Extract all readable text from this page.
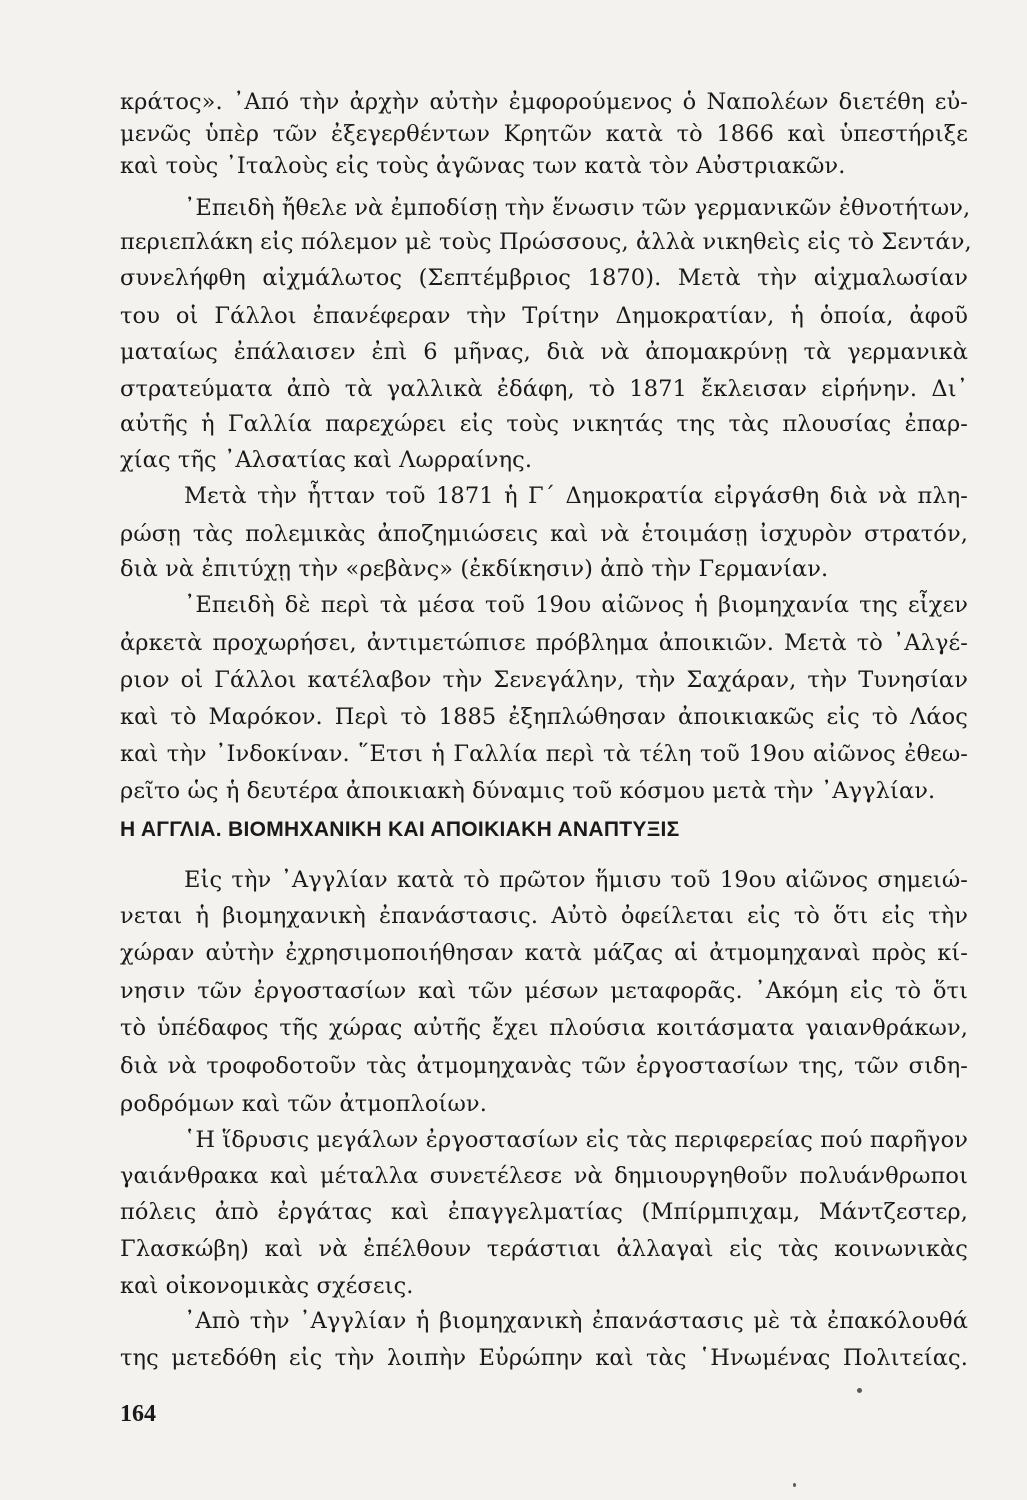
κράτος». ᾿Από τὴν ἀρχὴν αὐτὴν ἐμφορούμενος ὁ Ναπολέων διετέθη εὐ-
μενῶς ὑπὲρ τῶν ἐξεγερθέντων Κρητῶν κατὰ τὸ 1866 καὶ ὑπεστήριξε
καὶ τοὺς ᾿Ιταλοὺς εἰς τοὺς ἀγῶνας των κατὰ τὸν Αὐστριακῶν.
᾿Επειδὴ ἤθελε νὰ ἐμποδίσῃ τὴν ἕνωσιν τῶν γερμανικῶν ἐθνοτήτων,
περιεπλάκη εἰς πόλεμον μὲ τοὺς Πρώσσους, ἀλλὰ νικηθεὶς εἰς τὸ Σεντάν,
συνελήφθη αἰχμάλωτος (Σεπτέμβριος 1870). Μετὰ τὴν αἰχμαλωσίαν
του οἱ Γάλλοι ἐπανέφεραν τὴν Τρίτην Δημοκρατίαν, ἡ ὁποία, ἀφοῦ
ματαίως ἐπάλαισεν ἐπὶ 6 μῆνας, διὰ νὰ ἀπομακρύνῃ τὰ γερμανικὰ
στρατεύματα ἀπὸ τὰ γαλλικὰ ἐδάφη, τὸ 1871 ἔκλεισαν εἰρήνην. Δι᾿
αὐτῆς ἡ Γαλλία παρεχώρει εἰς τοὺς νικητάς της τὰς πλουσίας ἐπαρ-
χίας τῆς ᾿Αλσατίας καὶ Λωρραίνης.
Μετὰ τὴν ἧτταν τοῦ 1871 ἡ Γ΄ Δημοκρατία εἰργάσθη διὰ νὰ πλη-
ρώσῃ τὰς πολεμικὰς ἀποζημιώσεις καὶ νὰ ἑτοιμάσῃ ἰσχυρὸν στρατόν,
διὰ νὰ ἐπιτύχῃ τὴν «ρεβὰνς» (ἐκδίκησιν) ἀπὸ τὴν Γερμανίαν.
᾿Επειδὴ δὲ περὶ τὰ μέσα τοῦ 19ου αἰῶνος ἡ βιομηχανία της εἶχεν
ἀρκετὰ προχωρήσει, ἀντιμετώπισε πρόβλημα ἀποικιῶν. Μετὰ τὸ ᾿Αλγέ-
ριον οἱ Γάλλοι κατέλαβον τὴν Σενεγάλην, τὴν Σαχάραν, τὴν Τυνησίαν
καὶ τὸ Μαρόκον. Περὶ τὸ 1885 ἐξηπλώθησαν ἀποικιακῶς εἰς τὸ Λάος
καὶ τὴν ᾿Ινδοκίναν. ῞Ετσι ἡ Γαλλία περὶ τὰ τέλη τοῦ 19ου αἰῶνος ἐθεω-
ρεῖτο ὡς ἡ δευτέρα ἀποικιακὴ δύναμις τοῦ κόσμου μετὰ τὴν ᾿Αγγλίαν.
Η ΑΓΓΛΙΑ. ΒΙΟΜΗΧΑΝΙΚΗ ΚΑΙ ΑΠΟΙΚΙΑΚΗ ΑΝΑΠΤΥΞΙΣ
Εἰς τὴν ᾿Αγγλίαν κατὰ τὸ πρῶτον ἥμισυ τοῦ 19ου αἰῶνος σημειώ-
νεται ἡ βιομηχανικὴ ἐπανάστασις. Αὐτὸ ὀφείλεται εἰς τὸ ὅτι εἰς τὴν
χώραν αὐτὴν ἐχρησιμοποιήθησαν κατὰ μάζας αἱ ἀτμομηχαναὶ πρὸς κί-
νησιν τῶν ἐργοστασίων καὶ τῶν μέσων μεταφορᾶς. ᾿Ακόμη εἰς τὸ ὅτι
τὸ ὑπέδαφος τῆς χώρας αὐτῆς ἔχει πλούσια κοιτάσματα γαιανθράκων,
διὰ νὰ τροφοδοτοῦν τὰς ἀτμομηχανὰς τῶν ἐργοστασίων της, τῶν σιδη-
ροδρόμων καὶ τῶν ἀτμοπλοίων.
῾Η ἵδρυσις μεγάλων ἐργοστασίων εἰς τὰς περιφερείας πού παρῆγον
γαιάνθρακα καὶ μέταλλα συνετέλεσε νὰ δημιουργηθοῦν πολυάνθρωποι
πόλεις ἀπὸ ἐργάτας καὶ ἐπαγγελματίας (Μπίρμπιχαμ, Μάντζεστερ,
Γλασκώβη) καὶ νὰ ἐπέλθουν τεράστιαι ἀλλαγαὶ εἰς τὰς κοινωνικὰς
καὶ οἰκονομικὰς σχέσεις.
᾿Απὸ τὴν ᾿Αγγλίαν ἡ βιομηχανικὴ ἐπανάστασις μὲ τὰ ἐπακόλουθά
της μετεδόθη εἰς τὴν λοιπὴν Εὐρώπην καὶ τὰς ῾Ηνωμένας Πολιτείας.
164
